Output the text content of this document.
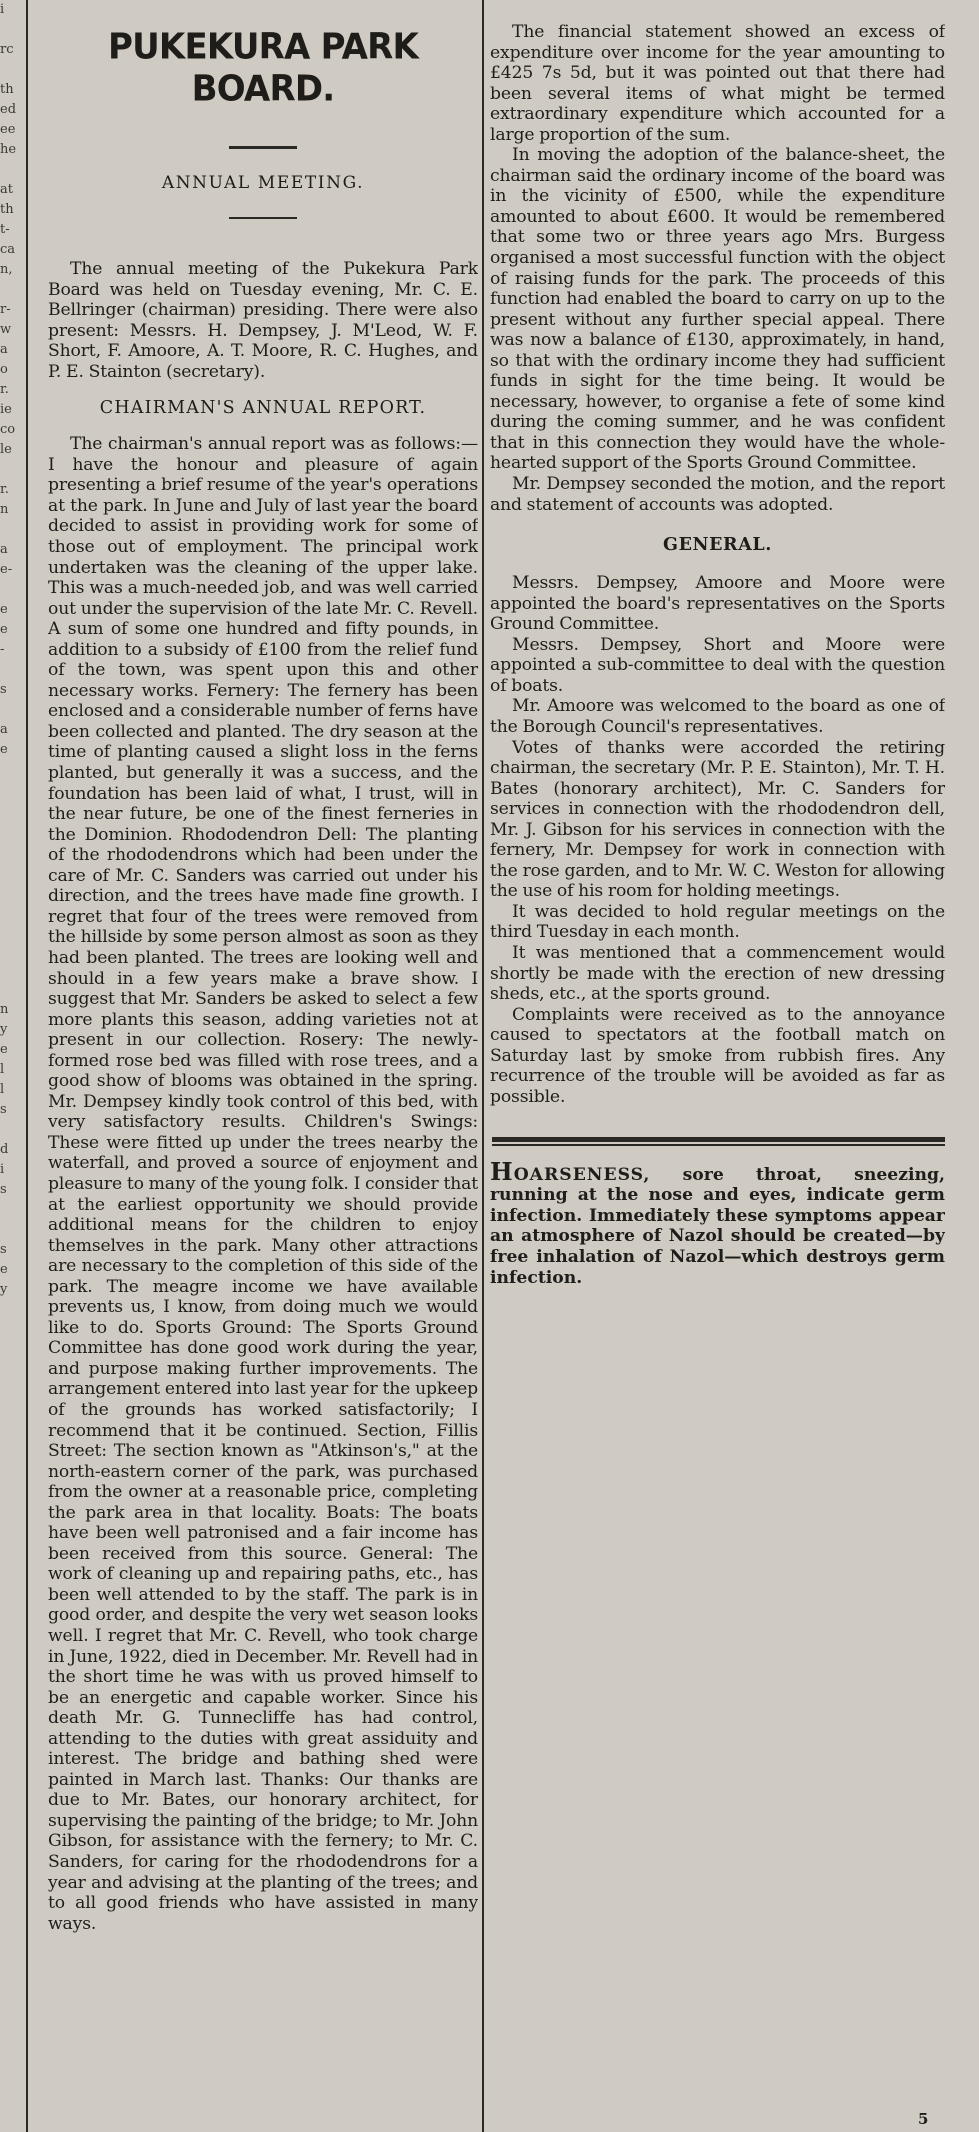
i
rc
th
ed
ee
he
at
th
t-
ca
n,
r-
w
a
o
r.
ie
co
le
r.
n
a
e-
e
e
-
s
a
e
n
y
e
l
l
s
d
i
s
s
e
y
PUKEKURA PARK BOARD.
ANNUAL MEETING.

The annual meeting of the Pukekura Park Board was held on Tuesday evening, Mr. C. E. Bellringer (chairman) presiding. There were also present: Messrs. H. Dempsey, J. M'Leod, W. F. Short, F. Amoore, A. T. Moore, R. C. Hughes, and P. E. Stainton (secretary).

CHAIRMAN'S ANNUAL REPORT.

The chairman's annual report was as follows:—I have the honour and pleasure of again presenting a brief resume of the year's operations at the park. In June and July of last year the board decided to assist in providing work for some of those out of employment. The principal work undertaken was the cleaning of the upper lake. This was a much-needed job, and was well carried out under the supervision of the late Mr. C. Revell. A sum of some one hundred and fifty pounds, in addition to a subsidy of £100 from the relief fund of the town, was spent upon this and other necessary works. Fernery: The fernery has been enclosed and a considerable number of ferns have been collected and planted. The dry season at the time of planting caused a slight loss in the ferns planted, but generally it was a success, and the foundation has been laid of what, I trust, will in the near future, be one of the finest ferneries in the Dominion. Rhododendron Dell: The planting of the rhododendrons which had been under the care of Mr. C. Sanders was carried out under his direction, and the trees have made fine growth. I regret that four of the trees were removed from the hillside by some person almost as soon as they had been planted. The trees are looking well and should in a few years make a brave show. I suggest that Mr. Sanders be asked to select a few more plants this season, adding varieties not at present in our collection. Rosery: The newly-formed rose bed was filled with rose trees, and a good show of blooms was obtained in the spring. Mr. Dempsey kindly took control of this bed, with very satisfactory results. Children's Swings: These were fitted up under the trees nearby the waterfall, and proved a source of enjoyment and pleasure to many of the young folk. I consider that at the earliest opportunity we should provide additional means for the children to enjoy themselves in the park. Many other attractions are necessary to the completion of this side of the park. The meagre income we have available prevents us, I know, from doing much we would like to do. Sports Ground: The Sports Ground Committee has done good work during the year, and purpose making further improvements. The arrangement entered into last year for the upkeep of the grounds has worked satisfactorily; I recommend that it be continued. Section, Fillis Street: The section known as "Atkinson's," at the north-eastern corner of the park, was purchased from the owner at a reasonable price, completing the park area in that locality. Boats: The boats have been well patronised and a fair income has been received from this source. General: The work of cleaning up and repairing paths, etc., has been well attended to by the staff. The park is in good order, and despite the very wet season looks well. I regret that Mr. C. Revell, who took charge in June, 1922, died in December. Mr. Revell had in the short time he was with us proved himself to be an energetic and capable worker. Since his death Mr. G. Tunnecliffe has had control, attending to the duties with great assiduity and interest. The bridge and bathing shed were painted in March last. Thanks: Our thanks are due to Mr. Bates, our honorary architect, for supervising the painting of the bridge; to Mr. John Gibson, for assistance with the fernery; to Mr. C. Sanders, for caring for the rhododendrons for a year and advising at the planting of the trees; and to all good friends who have assisted in many ways.

The financial statement showed an excess of expenditure over income for the year amounting to £425 7s 5d, but it was pointed out that there had been several items of what might be termed extraordinary expenditure which accounted for a large proportion of the sum.

In moving the adoption of the balance-sheet, the chairman said the ordinary income of the board was in the vicinity of £500, while the expenditure amounted to about £600. It would be remembered that some two or three years ago Mrs. Burgess organised a most successful function with the object of raising funds for the park. The proceeds of this function had enabled the board to carry on up to the present without any further special appeal. There was now a balance of £130, approximately, in hand, so that with the ordinary income they had sufficient funds in sight for the time being. It would be necessary, however, to organise a fete of some kind during the coming summer, and he was confident that in this connection they would have the whole-hearted support of the Sports Ground Committee.

Mr. Dempsey seconded the motion, and the report and statement of accounts was adopted.

GENERAL.

Messrs. Dempsey, Amoore and Moore were appointed the board's representatives on the Sports Ground Committee.

Messrs. Dempsey, Short and Moore were appointed a sub-committee to deal with the question of boats.

Mr. Amoore was welcomed to the board as one of the Borough Council's representatives.

Votes of thanks were accorded the retiring chairman, the secretary (Mr. P. E. Stainton), Mr. T. H. Bates (honorary architect), Mr. C. Sanders for services in connection with the rhododendron dell, Mr. J. Gibson for his services in connection with the fernery, Mr. Dempsey for work in connection with the rose garden, and to Mr. W. C. Weston for allowing the use of his room for holding meetings.

It was decided to hold regular meetings on the third Tuesday in each month.

It was mentioned that a commencement would shortly be made with the erection of new dressing sheds, etc., at the sports ground.

Complaints were received as to the annoyance caused to spectators at the football match on Saturday last by smoke from rubbish fires. Any recurrence of the trouble will be avoided as far as possible.

HOARSENESS, sore throat, sneezing, running at the nose and eyes, indicate germ infection. Immediately these symptoms appear an atmosphere of Nazol should be created—by free inhalation of Nazol—which destroys germ infection.

5
